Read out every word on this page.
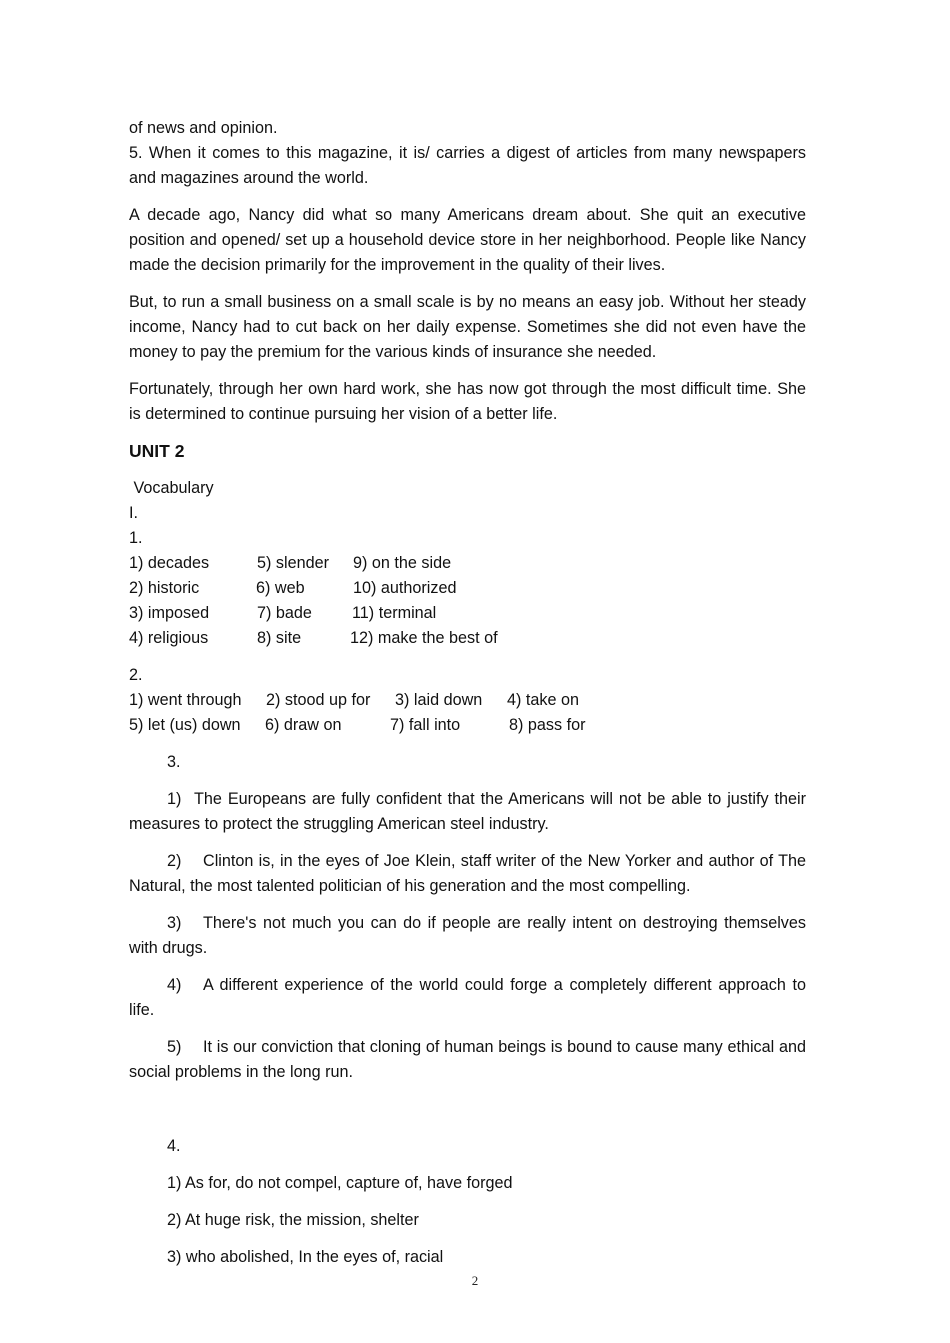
of news and opinion.
5. When it comes to this magazine, it is/ carries a digest of articles from many newspapers and magazines around the world.
A decade ago, Nancy did what so many Americans dream about. She quit an executive position and opened/ set up a household device store in her neighborhood. People like Nancy made the decision primarily for the improvement in the quality of their lives.
But, to run a small business on a small scale is by no means an easy job. Without her steady income, Nancy had to cut back on her daily expense. Sometimes she did not even have the money to pay the premium for the various kinds of insurance she needed.
Fortunately, through her own hard work, she has now got through the most difficult time. She is determined to continue pursuing her vision of a better life.
UNIT 2
Vocabulary
I.
1.
1) decades	5) slender 9) on the side
2) historic	6) web	10) authorized
3) imposed	7) bade 11) terminal
4) religious	8) site	12) make the best of
2.
1) went through 2) stood up for 3) laid down 4) take on
5) let (us) down 6) draw on	7) fall into	8) pass for
3.
1) The Europeans are fully confident that the Americans will not be able to justify their measures to protect the struggling American steel industry.
2) Clinton is, in the eyes of Joe Klein, staff writer of the New Yorker and author of The Natural, the most talented politician of his generation and the most compelling.
3) There's not much you can do if people are really intent on destroying themselves with drugs.
4) A different experience of the world could forge a completely different approach to life.
5) It is our conviction that cloning of human beings is bound to cause many ethical and social problems in the long run.
4.
1) As for, do not compel, capture of, have forged
2) At huge risk, the mission, shelter
3) who abolished, In the eyes of, racial
2
